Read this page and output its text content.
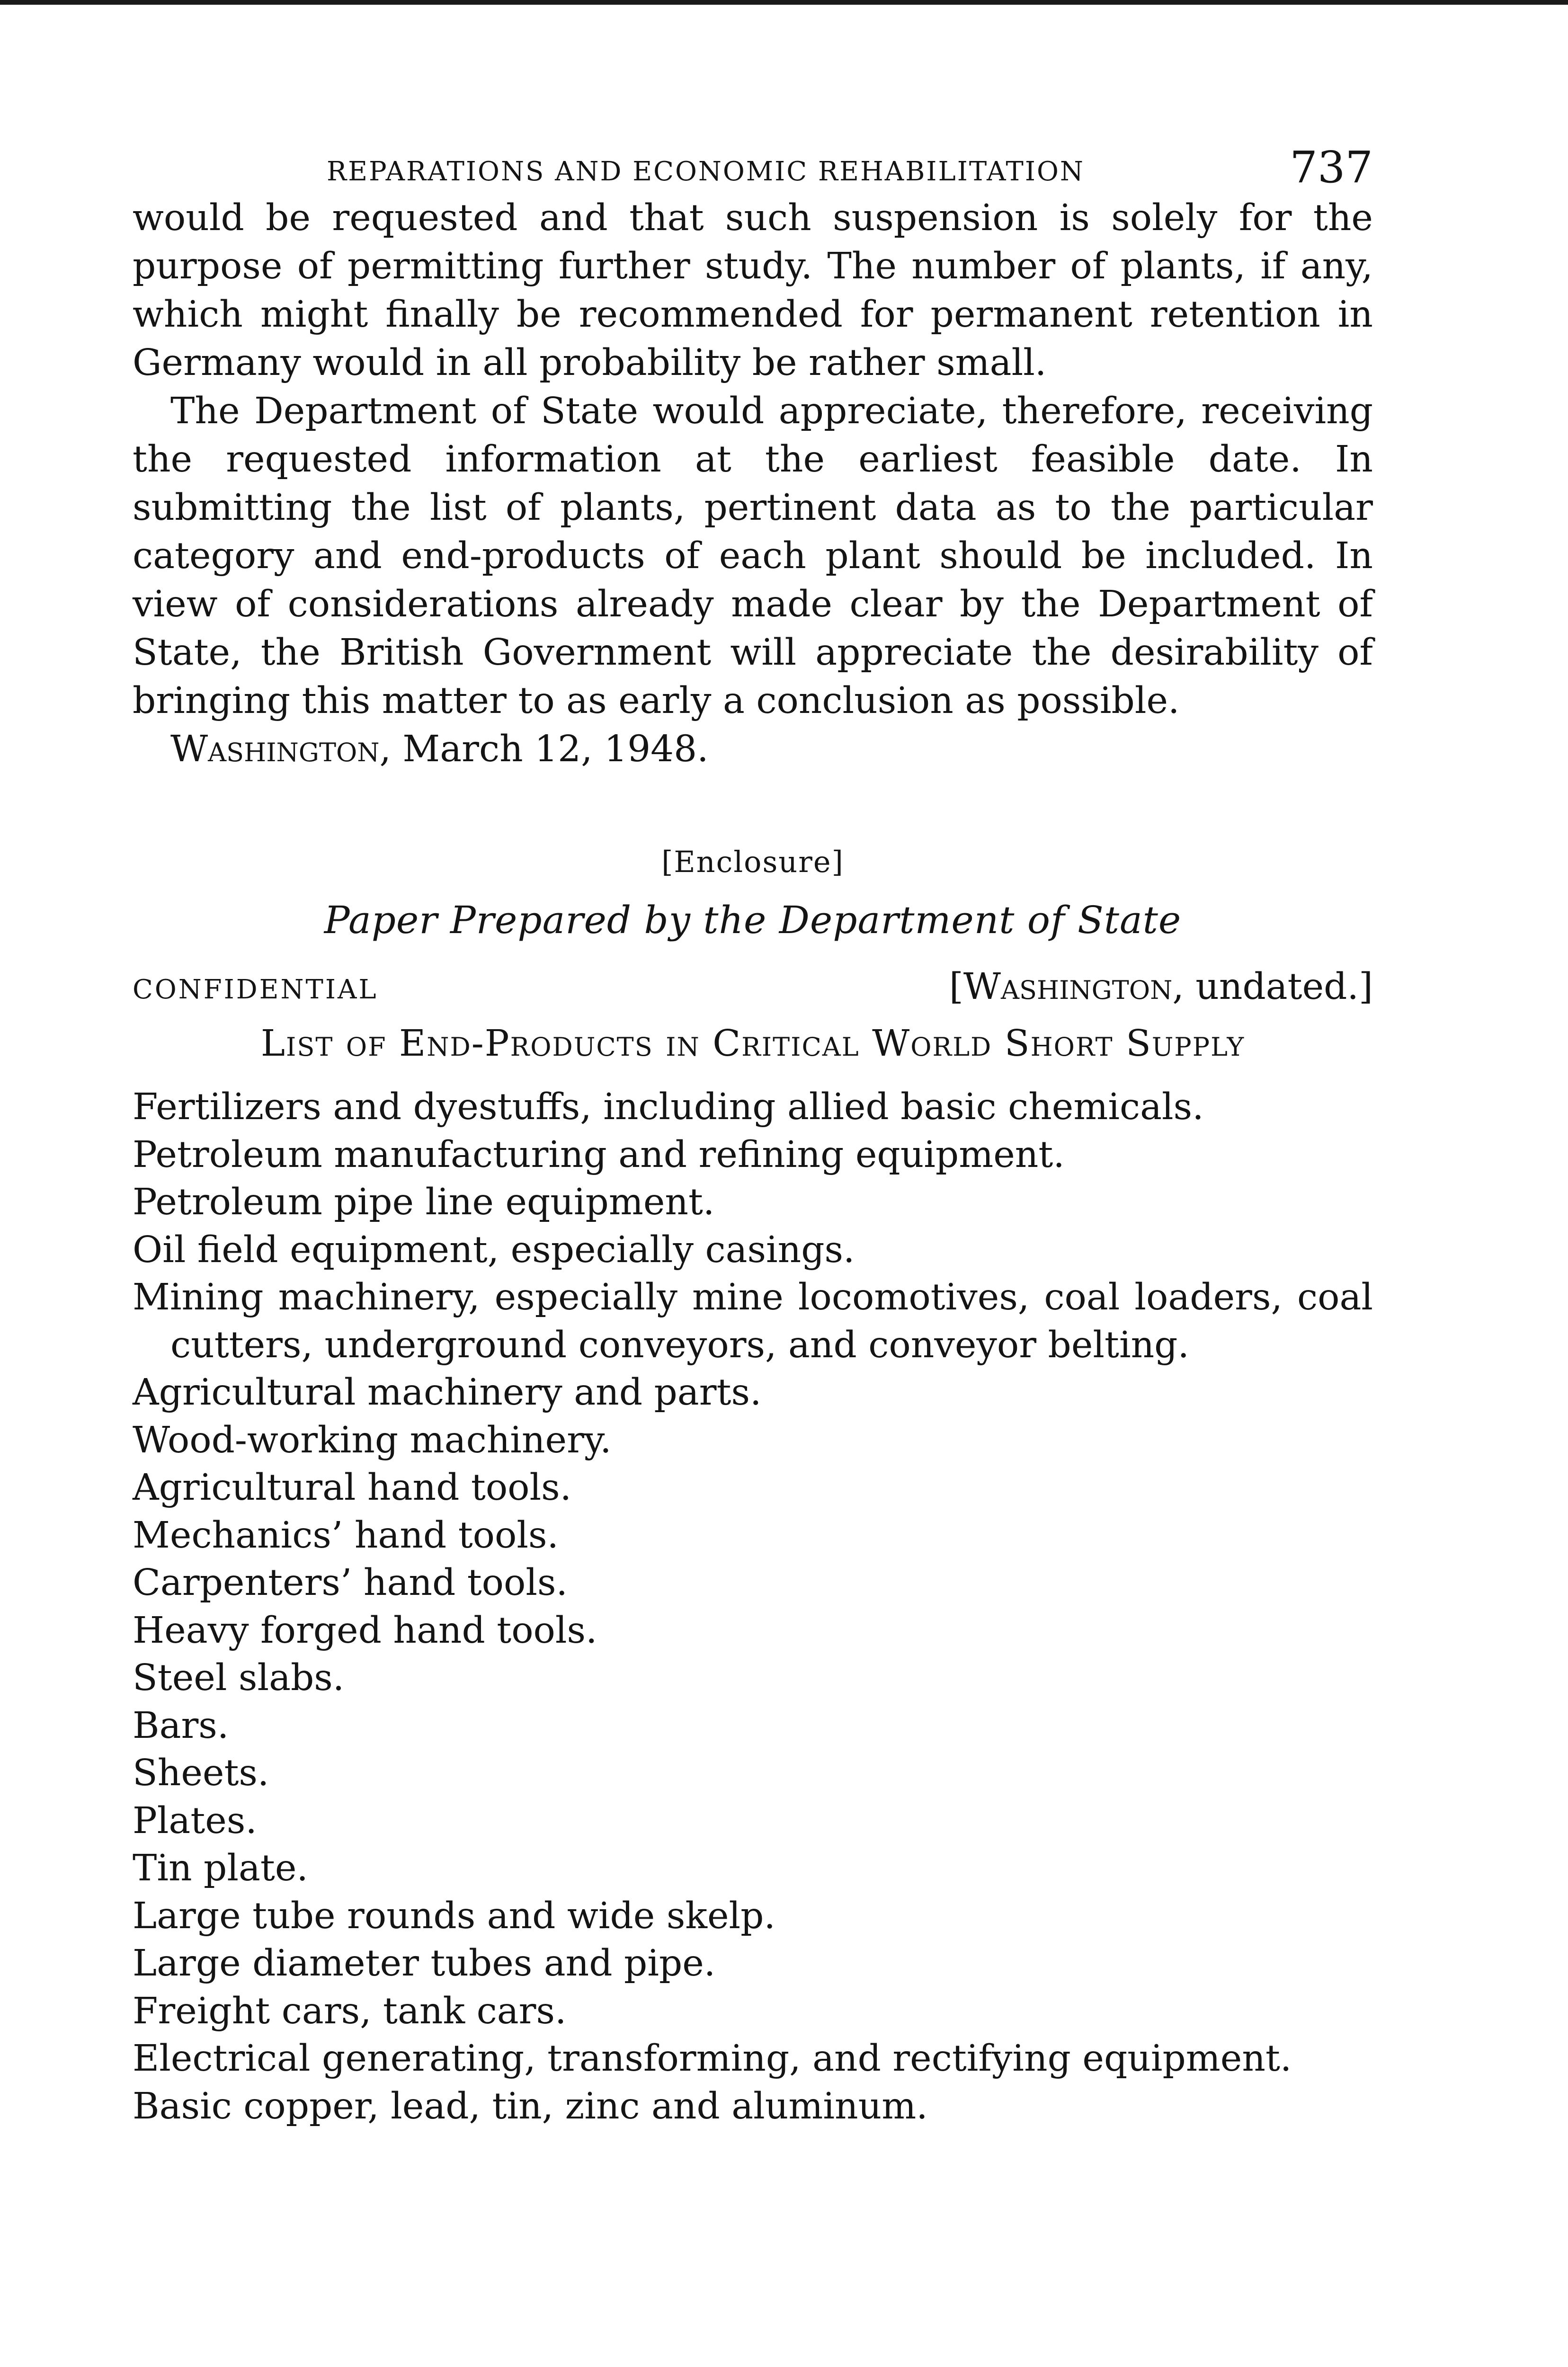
REPARATIONS AND ECONOMIC REHABILITATION	737

would be requested and that such suspension is solely for the purpose of permitting further study. The number of plants, if any, which might finally be recommended for permanent retention in Germany would in all probability be rather small.

The Department of State would appreciate, therefore, receiving the requested information at the earliest feasible date. In submitting the list of plants, pertinent data as to the particular category and end-products of each plant should be included. In view of considerations already made clear by the Department of State, the British Government will appreciate the desirability of bringing this matter to as early a conclusion as possible.

Washington, March 12, 1948.

[Enclosure]
Paper Prepared by the Department of State
CONFIDENTIAL	[Washington, undated.]
List of End-Products in Critical World Short Supply
Fertilizers and dyestuffs, including allied basic chemicals.
Petroleum manufacturing and refining equipment.
Petroleum pipe line equipment.
Oil field equipment, especially casings.
Mining machinery, especially mine locomotives, coal loaders, coal cutters, underground conveyors, and conveyor belting.
Agricultural machinery and parts.
Wood-working machinery.
Agricultural hand tools.
Mechanics’ hand tools.
Carpenters’ hand tools.
Heavy forged hand tools.
Steel slabs.
Bars.
Sheets.
Plates.
Tin plate.
Large tube rounds and wide skelp.
Large diameter tubes and pipe.
Freight cars, tank cars.
Electrical generating, transforming, and rectifying equipment.
Basic copper, lead, tin, zinc and aluminum.
